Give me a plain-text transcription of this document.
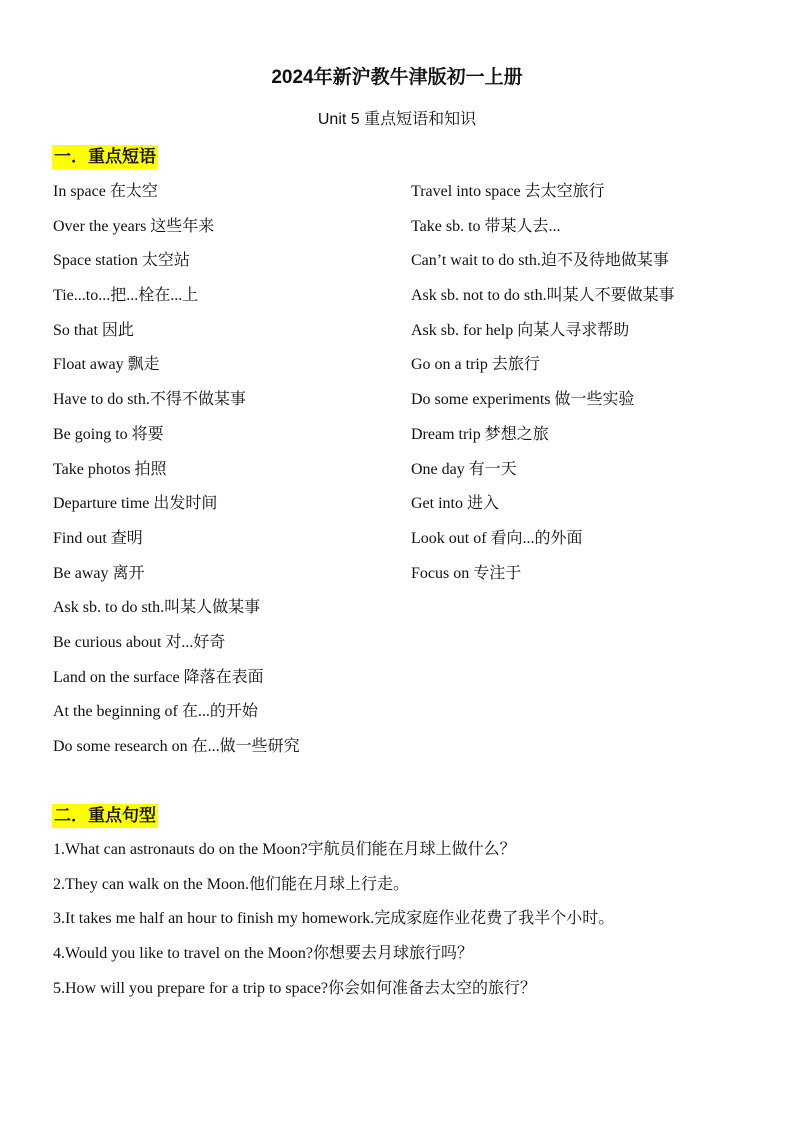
2024年新沪教牛津版初一上册
Unit 5 重点短语和知识
一．重点短语
In space 在太空
Over the years 这些年来
Space station 太空站
Tie...to...把...栓在...上
So that 因此
Float away 飘走
Have to do sth.不得不做某事
Be going to 将要
Take photos 拍照
Departure time 出发时间
Find out 查明
Be away 离开
Ask sb. to do sth.叫某人做某事
Be curious about 对...好奇
Land on the surface 降落在表面
At the beginning of 在...的开始
Do some research on 在...做一些研究
Travel into space 去太空旅行
Take sb. to 带某人去...
Can’t wait to do sth.迫不及待地做某事
Ask sb. not to do sth.叫某人不要做某事
Ask sb. for help 向某人寻求帮助
Go on a trip 去旅行
Do some experiments 做一些实验
Dream trip 梦想之旅
One day 有一天
Get into 进入
Look out of 看向...的外面
Focus on 专注于
二．重点句型
1.What can astronauts do on the Moon?宇航员们能在月球上做什么？
2.They can walk on the Moon.他们能在月球上行走。
3.It takes me half an hour to finish my homework.完成家庭作业花费了我半个小时。
4.Would you like to travel on the Moon?你想要去月球旅行吗？
5.How will you prepare for a trip to space?你会如何准备去太空的旅行？
